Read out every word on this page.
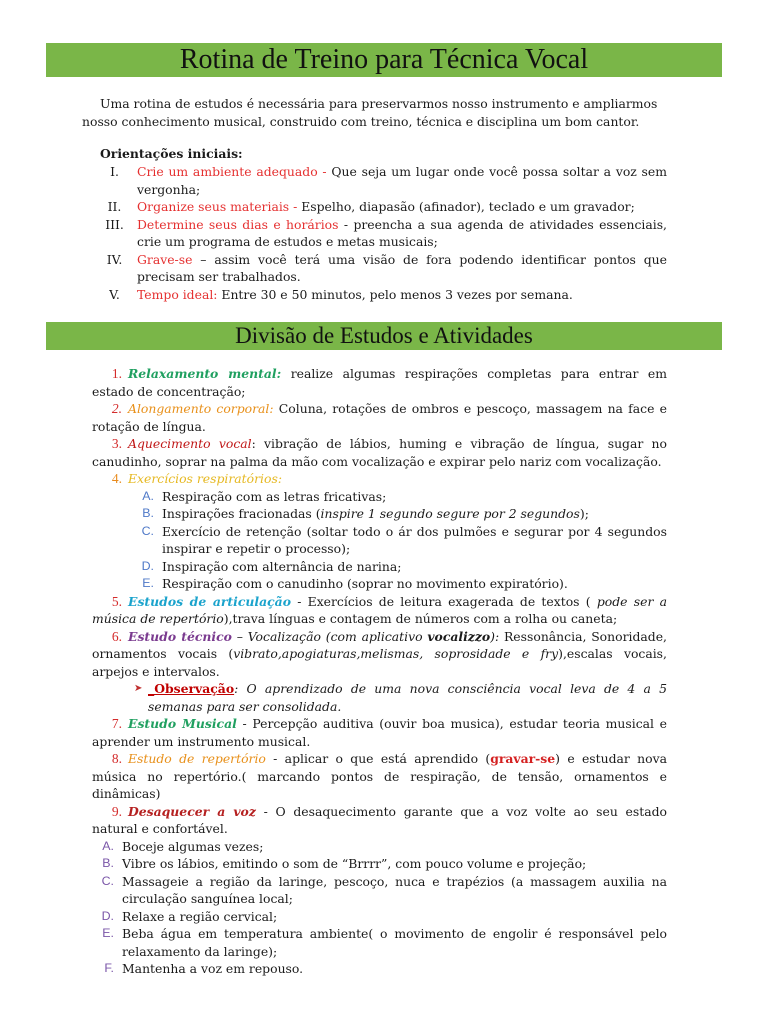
Rotina de Treino para Técnica Vocal
Uma rotina de estudos é necessária para preservarmos nosso instrumento e ampliarmos nosso conhecimento musical, construido com treino, técnica e disciplina um bom cantor.
Orientações iniciais:
I.	Crie um ambiente adequado - Que seja um lugar onde você possa soltar a voz sem vergonha;
II.	Organize seus materiais - Espelho, diapasão (afinador), teclado e um gravador;
III.	Determine seus dias e horários - preencha a sua agenda de atividades essenciais, crie um programa de estudos e metas musicais;
IV.	Grave-se – assim você terá uma visão de fora podendo identificar pontos que precisam ser trabalhados.
V.	Tempo ideal: Entre 30 e 50 minutos, pelo menos 3 vezes por semana.
Divisão de Estudos e Atividades
1. Relaxamento mental: realize algumas respirações completas para entrar em estado de concentração;
2. Alongamento corporal: Coluna, rotações de ombros e pescoço, massagem na face e rotação de língua.
3. Aquecimento vocal: vibração de lábios, huming e vibração de língua, sugar no canudinho, soprar na palma da mão com vocalização e expirar pelo nariz com vocalização.
4. Exercícios respiratórios:
A. Respiração com as letras fricativas;
B. Inspirações fracionadas (inspire 1 segundo segure por 2 segundos);
C. Exercício de retenção (soltar todo o ár dos pulmões e segurar por 4 segundos inspirar e repetir o processo);
D. Inspiração com alternância de narina;
E. Respiração com o canudinho (soprar no movimento expiratório).
5. Estudos de articulação - Exercícios de leitura exagerada de textos ( pode ser a música de repertório),trava línguas e contagem de números com a rolha ou caneta;
6. Estudo técnico – Vocalização (com aplicativo vocalizzo): Ressonância, Sonoridade, ornamentos vocais (vibrato,apogiaturas,melismas, soprosidade e fry),escalas vocais, arpejos e intervalos.
➤ _Observação: O aprendizado de uma nova consciência vocal leva de 4 a 5 semanas para ser consolidada.
7. Estudo Musical - Percepção auditiva (ouvir boa musica), estudar teoria musical e aprender um instrumento musical.
8. Estudo de repertório - aplicar o que está aprendido (gravar-se) e estudar nova música no repertório.( marcando pontos de respiração, de tensão, ornamentos e dinâmicas)
9. Desaquecer a voz - O desaquecimento garante que a voz volte ao seu estado natural e confortável.
A. Boceje algumas vezes;
B. Vibre os lábios, emitindo o som de “Brrrr”, com pouco volume e projeção;
C. Massageie a região da laringe, pescoço, nuca e trapézios (a massagem auxilia na circulação sanguínea local;
D. Relaxe a região cervical;
E. Beba água em temperatura ambiente( o movimento de engolir é responsável pelo relaxamento da laringe);
F. Mantenha a voz em repouso.
